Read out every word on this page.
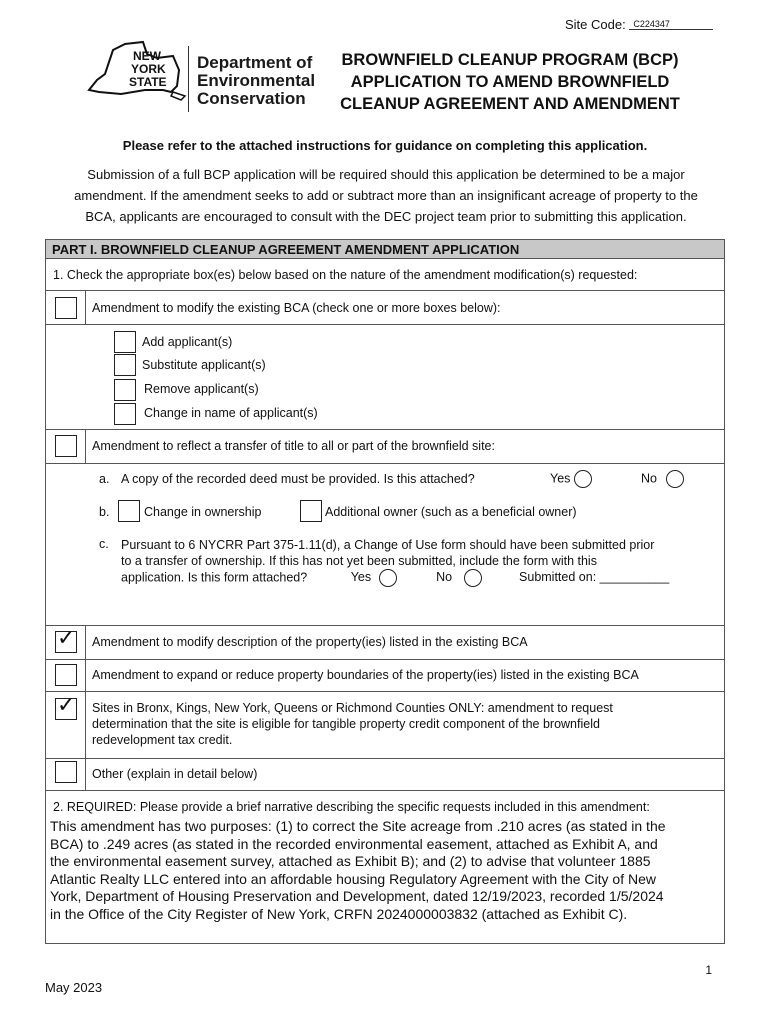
Site Code: C224347
NEW
YORK
STATE
Department of
Environmental
Conservation
BROWNFIELD CLEANUP PROGRAM (BCP)
APPLICATION TO AMEND BROWNFIELD
CLEANUP AGREEMENT AND AMENDMENT
Please refer to the attached instructions for guidance on completing this application.
Submission of a full BCP application will be required should this application be determined to be a major
amendment. If the amendment seeks to add or subtract more than an insignificant acreage of property to the
BCA, applicants are encouraged to consult with the DEC project team prior to submitting this application.
PART I. BROWNFIELD CLEANUP AGREEMENT AMENDMENT APPLICATION
1. Check the appropriate box(es) below based on the nature of the amendment modification(s) requested:
Amendment to modify the existing BCA (check one or more boxes below):
Add applicant(s)
Substitute applicant(s)
Remove applicant(s)
Change in name of applicant(s)
Amendment to reflect a transfer of title to all or part of the brownfield site:
a. A copy of the recorded deed must be provided. Is this attached?	Yes	No
b.	Change in ownership	Additional owner (such as a beneficial owner)
c. Pursuant to 6 NYCRR Part 375-1.11(d), a Change of Use form should have been submitted prior
to a transfer of ownership. If this has not yet been submitted, include the form with this
application. Is this form attached?	Yes	No	Submitted on: __________
✓ Amendment to modify description of the property(ies) listed in the existing BCA
Amendment to expand or reduce property boundaries of the property(ies) listed in the existing BCA
✓ Sites in Bronx, Kings, New York, Queens or Richmond Counties ONLY: amendment to request
determination that the site is eligible for tangible property credit component of the brownfield
redevelopment tax credit.
Other (explain in detail below)
2. REQUIRED: Please provide a brief narrative describing the specific requests included in this amendment:
This amendment has two purposes: (1) to correct the Site acreage from .210 acres (as stated in the
BCA) to .249 acres (as stated in the recorded environmental easement, attached as Exhibit A, and
the environmental easement survey, attached as Exhibit B); and (2) to advise that volunteer 1885
Atlantic Realty LLC entered into an affordable housing Regulatory Agreement with the City of New
York, Department of Housing Preservation and Development, dated 12/19/2023, recorded 1/5/2024
in the Office of the City Register of New York, CRFN 2024000003832 (attached as Exhibit C).
1
May 2023
